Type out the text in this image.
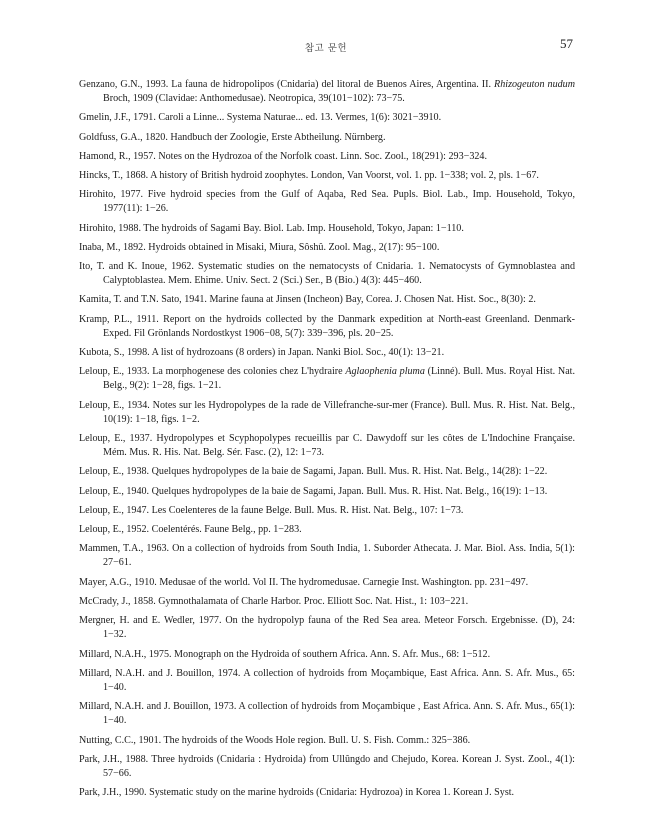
참고 문헌	57
Genzano, G.N., 1993. La fauna de hidropolipos (Cnidaria) del litoral de Buenos Aires, Argentina. II. Rhizogeuton nudum Broch, 1909 (Clavidae: Anthomedusae). Neotropica, 39(101−102): 73−75.
Gmelin, J.F., 1791. Caroli a Linne... Systema Naturae... ed. 13. Vermes, 1(6): 3021−3910.
Goldfuss, G.A., 1820. Handbuch der Zoologie, Erste Abtheilung. Nürnberg.
Hamond, R., 1957. Notes on the Hydrozoa of the Norfolk coast. Linn. Soc. Zool., 18(291): 293−324.
Hincks, T., 1868. A history of British hydroid zoophytes. London, Van Voorst, vol. 1. pp. 1−338; vol. 2, pls. 1−67.
Hirohito, 1977. Five hydroid species from the Gulf of Aqaba, Red Sea. Pupls. Biol. Lab., Imp. Household, Tokyo, 1977(11): 1−26.
Hirohito, 1988. The hydroids of Sagami Bay. Biol. Lab. Imp. Household, Tokyo, Japan: 1−110.
Inaba, M., 1892. Hydroids obtained in Misaki, Miura, Sôshû. Zool. Mag., 2(17): 95−100.
Ito, T. and K. Inoue, 1962. Systematic studies on the nematocysts of Cnidaria. 1. Nematocysts of Gymnoblastea and Calyptoblastea. Mem. Ehime. Univ. Sect. 2 (Sci.) Ser., B (Bio.) 4(3): 445−460.
Kamita, T. and T.N. Sato, 1941. Marine fauna at Jinsen (Incheon) Bay, Corea. J. Chosen Nat. Hist. Soc., 8(30): 2.
Kramp, P.L., 1911. Report on the hydroids collected by the Danmark expedition at North-east Greenland. Denmark-Exped. Fil Grönlands Nordostkyst 1906−08, 5(7): 339−396, pls. 20−25.
Kubota, S., 1998. A list of hydrozoans (8 orders) in Japan. Nanki Biol. Soc., 40(1): 13−21.
Leloup, E., 1933. La morphogenese des colonies chez L'hydraire Aglaophenia pluma (Linné). Bull. Mus. Royal Hist. Nat. Belg., 9(2): 1−28, figs. 1−21.
Leloup, E., 1934. Notes sur les Hydropolypes de la rade de Villefranche-sur-mer (France). Bull. Mus. R. Hist. Nat. Belg., 10(19): 1−18, figs. 1−2.
Leloup, E., 1937. Hydropolypes et Scyphopolypes recueillis par C. Dawydoff sur les côtes de L'Indochine Française. Mém. Mus. R. His. Nat. Belg. Sér. Fasc. (2), 12: 1−73.
Leloup, E., 1938. Quelques hydropolypes de la baie de Sagami, Japan. Bull. Mus. R. Hist. Nat. Belg., 14(28): 1−22.
Leloup, E., 1940. Quelques hydropolypes de la baie de Sagami, Japan. Bull. Mus. R. Hist. Nat. Belg., 16(19): 1−13.
Leloup, E., 1947. Les Coelenteres de la faune Belge. Bull. Mus. R. Hist. Nat. Belg., 107: 1−73.
Leloup, E., 1952. Coelentérés. Faune Belg., pp. 1−283.
Mammen, T.A., 1963. On a collection of hydroids from South India, 1. Suborder Athecata. J. Mar. Biol. Ass. India, 5(1): 27−61.
Mayer, A.G., 1910. Medusae of the world. Vol II. The hydromedusae. Carnegie Inst. Washington. pp. 231−497.
McCrady, J., 1858. Gymnothalamata of Charle Harbor. Proc. Elliott Soc. Nat. Hist., 1: 103−221.
Mergner, H. and E. Wedler, 1977. On the hydropolyp fauna of the Red Sea area. Meteor Forsch. Ergebnisse. (D), 24: 1−32.
Millard, N.A.H., 1975. Monograph on the Hydroida of southern Africa. Ann. S. Afr. Mus., 68: 1−512.
Millard, N.A.H. and J. Bouillon, 1974. A collection of hydroids from Moçambique, East Africa. Ann. S. Afr. Mus., 65: 1−40.
Millard, N.A.H. and J. Bouillon, 1973. A collection of hydroids from Moçambique , East Africa. Ann. S. Afr. Mus., 65(1): 1−40.
Nutting, C.C., 1901. The hydroids of the Woods Hole region. Bull. U. S. Fish. Comm.: 325−386.
Park, J.H., 1988. Three hydroids (Cnidaria : Hydroida) from Ullûngdo and Chejudo, Korea. Korean J. Syst. Zool., 4(1): 57−66.
Park, J.H., 1990. Systematic study on the marine hydroids (Cnidaria: Hydrozoa) in Korea 1. Korean J. Syst.
